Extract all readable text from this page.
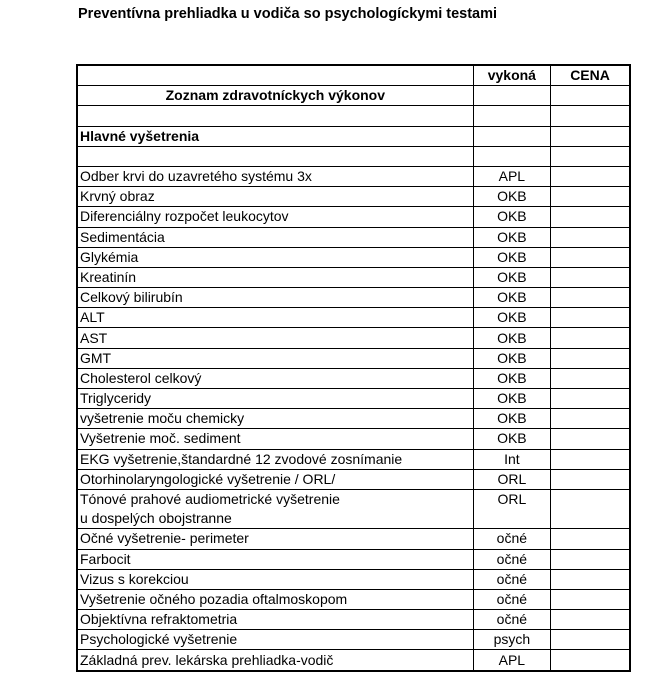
Preventívna prehliadka u vodiča so psychologíckymi testami
	vykoná	CENA
Zoznam zdravotníckych výkonov		

Hlavné vyšetrenia		

Odber krvi do uzavretého systému 3x	APL	
Krvný obraz	OKB	
Diferenciálny rozpočet leukocytov	OKB	
Sedimentácia	OKB	
Glykémia	OKB	
Kreatinín	OKB	
Celkový bilirubín	OKB	
ALT	OKB	
AST	OKB	
GMT	OKB	
Cholesterol celkový	OKB	
Triglyceridy	OKB	
vyšetrenie moču chemicky	OKB	
Vyšetrenie moč. sediment	OKB	
EKG vyšetrenie,štandardné 12 zvodové zosnímanie	Int	
Otorhinolaryngologické vyšetrenie / ORL/	ORL	
Tónové prahové audiometrické vyšetrenie	ORL	
u dospelých obojstranne		
Očné vyšetrenie- perimeter	očné	
Farbocit	očné	
Vizus s korekciou	očné	
Vyšetrenie očného pozadia oftalmoskopom	očné	
Objektívna refraktometria	očné	
Psychologické vyšetrenie	psych	
Základná prev. lekárska prehliadka-vodič	APL	
